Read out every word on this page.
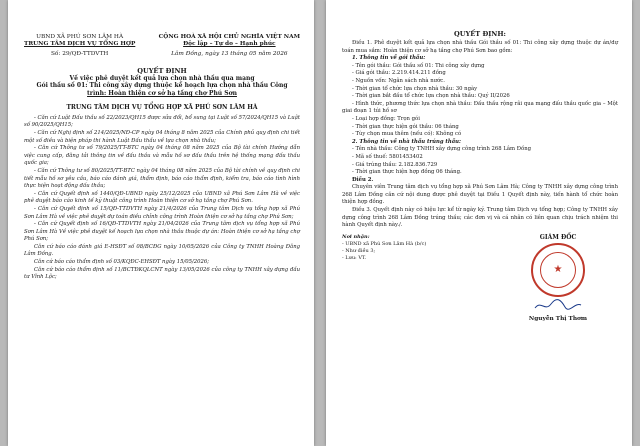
UBND XÃ PHÚ SƠN LÂM HÀ
TRUNG TÂM DỊCH VỤ TỔNG HỢP
Số: 29/QĐ-TTDVTH
CỘNG HOÀ XÃ HỘI CHỦ NGHĨA VIỆT NAM
Độc lập – Tự do – Hạnh phúc
Lâm Đồng, ngày 13 tháng 05 năm 2026

QUYẾT ĐỊNH

Về việc phê duyệt kết quả lựa chọn nhà thầu qua mạng

Gói thầu số 01: Thi công xây dựng thuộc kế hoạch lựa chọn nhà thầu Công

trình: Hoàn thiện cơ sở hạ tầng chợ Phú Sơn

TRUNG TÂM DỊCH VỤ TỔNG HỢP XÃ PHÚ SƠN LÂM HÀ

- Căn cứ Luật Đấu thầu số 22/2023/QH15 được sửa đổi, bổ sung tại Luật số 57/2024/QH15 và Luật số 90/2025/QH15;

- Căn cứ Nghị định số 214/2025/NĐ-CP ngày 04 tháng 8 năm 2025 của Chính phủ quy định chi tiết một số điều và biện pháp thi hành Luật Đấu thầu về lựa chọn nhà thầu;

- Căn cứ Thông tư số 79/2025/TT-BTC ngày 04 tháng 08 năm 2025 của Bộ tài chính Hướng dẫn việc cung cấp, đăng tải thông tin về đấu thầu và mẫu hồ sơ đấu thầu trên hệ thống mạng đấu thầu quốc gia;

- Căn cứ Thông tư số 80/2025/TT-BTC ngày 04 tháng 08 năm 2025 của Bộ tài chính về quy định chi tiết mẫu hồ sơ yêu cầu, báo cáo đánh giá, thẩm định, báo cáo thẩm định, kiểm tra, báo cáo tình hình thực hiện hoạt động đấu thầu;

- Căn cứ Quyết định số 1440/QĐ-UBND ngày 25/12/2025 của UBND xã Phú Sơn Lâm Hà về việc phê duyệt báo cáo kinh tế kỹ thuật công trình Hoàn thiện cơ sở hạ tầng chợ Phú Sơn.

- Căn cứ Quyết định số 15/QĐ-TTDVTH ngày 21/4/2026 của Trung tâm Dịch vụ tổng hợp xã Phú Sơn Lâm Hà về việc phê duyệt dự toán điều chỉnh công trình Hoàn thiện cơ sở hạ tầng chợ Phú Sơn;

- Căn cứ Quyết định số 16/QĐ-TTDVTH ngày 21/04/2026 của Trung tâm dịch vụ tổng hợp xã Phú Sơn Lâm Hà Về việc phê duyệt kế hoạch lựa chọn nhà thầu thuộc dự án: Hoàn thiện cơ sở hạ tầng chợ Phú Sơn;

Căn cứ báo cáo đánh giá E-HSĐT số 08/BCĐG ngày 10/05/2026 của Công ty TNHH Hoàng Đăng Lâm Đồng.

Căn cứ báo cáo thẩm định số 03/KQĐC-EHSĐT ngày 15/05/2026;

Căn cứ báo cáo thẩm định số 11/BCTĐKQLCNT ngày 13/05/2026 của công ty TNHH xây dựng đầu tư Vĩnh Lộc;

QUYẾT ĐỊNH:

Điều 1. Phê duyệt kết quả lựa chọn nhà thầu Gói thầu số 01: Thi công xây dựng thuộc dự án/dự toán mua sắm: Hoàn thiện cơ sở hạ tầng chợ Phú Sơn bao gồm:

1. Thông tin về gói thầu:

- Tên gói thầu: Gói thầu số 01: Thi công xây dựng

- Giá gói thầu: 2.219.414.211 đồng

- Nguồn vốn: Ngân sách nhà nước.

- Thời gian tổ chức lựa chọn nhà thầu: 30 ngày

- Thời gian bắt đầu tổ chức lựa chọn nhà thầu: Quý II/2026

- Hình thức, phương thức lựa chọn nhà thầu: Đấu thầu rộng rãi qua mạng đấu thầu quốc gia – Một giai đoạn 1 túi hồ sơ

- Loại hợp đồng: Trọn gói

- Thời gian thực hiện gói thầu: 06 tháng

- Tùy chọn mua thêm (nếu có): Không có

2. Thông tin về nhà thầu trúng thầu:

- Tên nhà thầu: Công ty TNHH xây dựng công trình 268 Lâm Đồng

- Mã số thuế: 5801453402

- Giá trúng thầu: 2.182.836.729

- Thời gian thực hiện hợp đồng 06 tháng.

Điều 2.

Chuyên viên Trung tâm dịch vụ tổng hợp xã Phú Sơn Lâm Hà; Công ty TNHH xây dựng công trình 268 Lâm Đồng căn cứ nội dung được phê duyệt tại Điều 1 Quyết định này, tiến hành tổ chức hoàn thiện hợp đồng.

Điều 3. Quyết định này có hiệu lực kể từ ngày ký. Trung tâm Dịch vụ tổng hợp; Công ty TNHH xây dựng công trình 268 Lâm Đồng trúng thầu; các đơn vị và cá nhân có liên quan chịu trách nhiệm thi hành Quyết định này./.

Nơi nhận:
- UBND xã Phú Sơn Lâm Hà (b/c)
- Như điều 3;
- Lưu: VT.
GIÁM ĐỐC
★
Nguyễn Thị Thơm
